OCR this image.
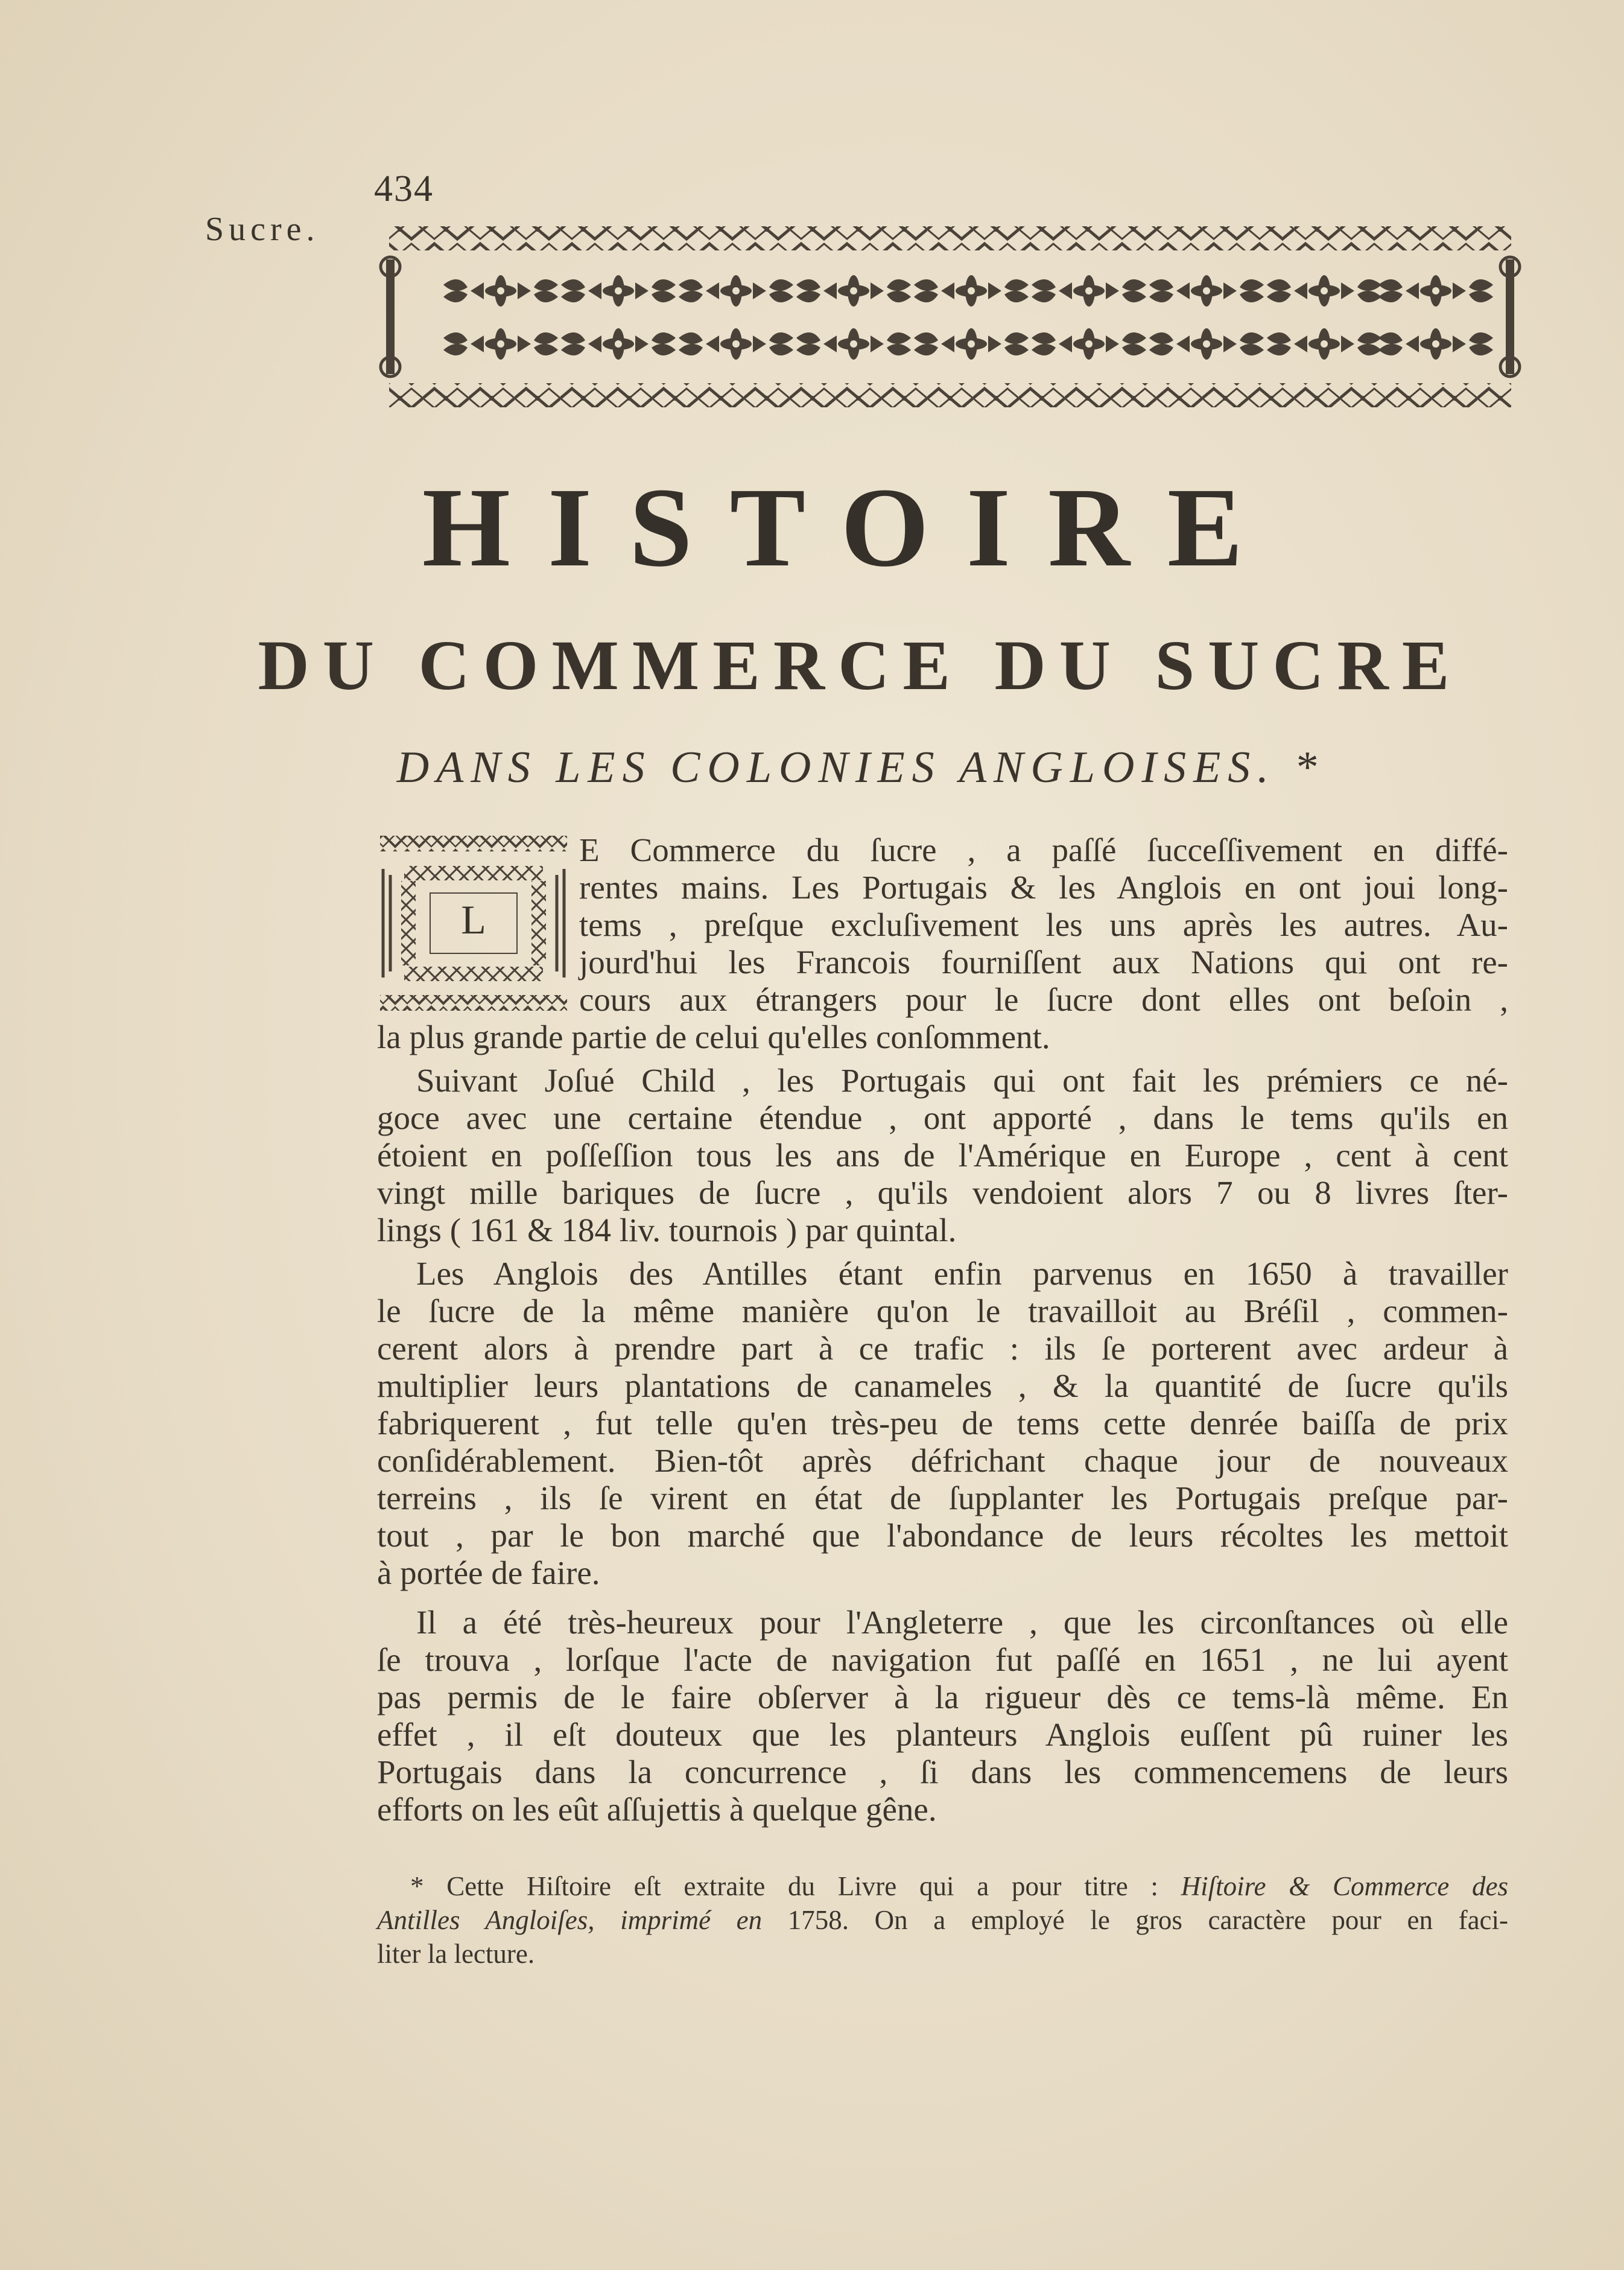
434
Sucre.
HISTOIRE
DU COMMERCE DU SUCRE
DANS LES COLONIES ANGLOISES. *
L
E Commerce du ſucre , a paſſé ſucceſſivement en diffé-
rentes mains. Les Portugais & les Anglois en ont joui long-
tems , preſque excluſivement les uns après les autres. Au-
jourd'hui les Francois fourniſſent aux Nations qui ont re-
cours aux étrangers pour le ſucre dont elles ont beſoin ,
la plus grande partie de celui qu'elles conſomment.
Suivant Joſué Child , les Portugais qui ont fait les prémiers ce né-
goce avec une certaine étendue , ont apporté , dans le tems qu'ils en
étoient en poſſeſſion tous les ans de l'Amérique en Europe , cent à cent
vingt mille bariques de ſucre , qu'ils vendoient alors 7 ou 8 livres ſter-
lings ( 161 & 184 liv. tournois ) par quintal.
Les Anglois des Antilles étant enfin parvenus en 1650 à travailler
le ſucre de la même manière qu'on le travailloit au Bréſil , commen-
cerent alors à prendre part à ce trafic : ils ſe porterent avec ardeur à
multiplier leurs plantations de canameles , & la quantité de ſucre qu'ils
fabriquerent , fut telle qu'en très-peu de tems cette denrée baiſſa de prix
conſidérablement. Bien-tôt après défrichant chaque jour de nouveaux
terreins , ils ſe virent en état de ſupplanter les Portugais preſque par-
tout , par le bon marché que l'abondance de leurs récoltes les mettoit
à portée de faire.
Il a été très-heureux pour l'Angleterre , que les circonſtances où elle
ſe trouva , lorſque l'acte de navigation fut paſſé en 1651 , ne lui ayent
pas permis de le faire obſerver à la rigueur dès ce tems-là même. En
effet , il eſt douteux que les planteurs Anglois euſſent pû ruiner les
Portugais dans la concurrence , ſi dans les commencemens de leurs
efforts on les eût aſſujettis à quelque gêne.
* Cette Hiſtoire eſt extraite du Livre qui a pour titre : Hiſtoire & Commerce des
Antilles Angloiſes, imprimé en 1758. On a employé le gros caractère pour en faci-
liter la lecture.
